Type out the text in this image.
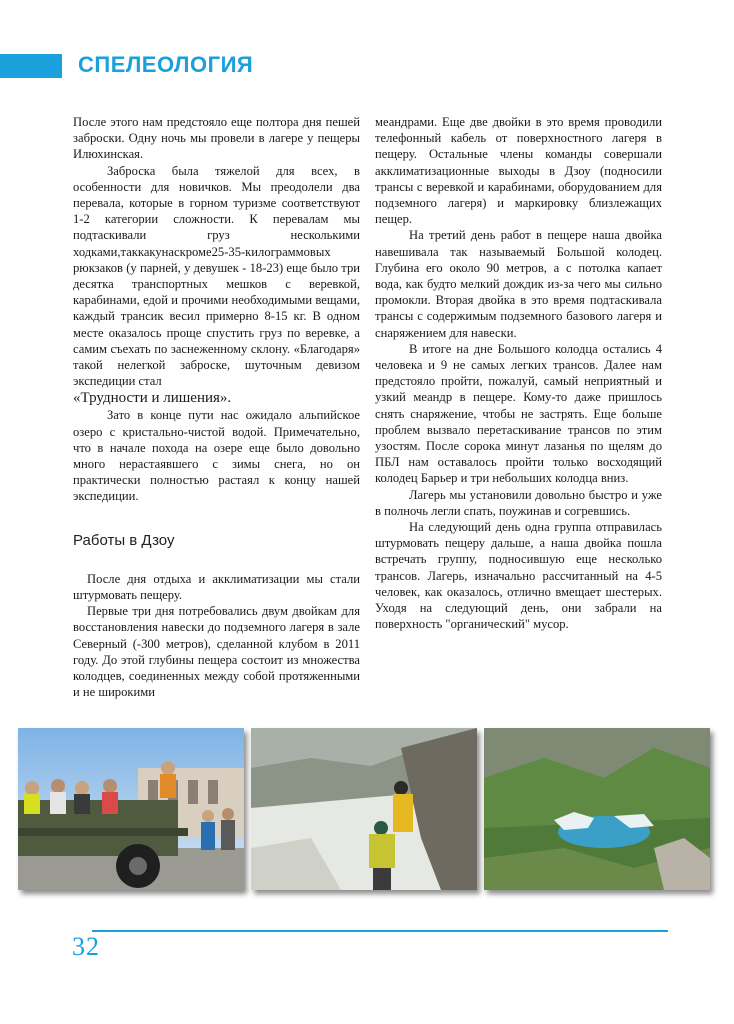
СПЕЛЕОЛОГИЯ

После этого нам предстояло еще полтора дня пешей заброски. Одну ночь мы провели в лагере у пещеры Илюхинская.

Заброска была тяжелой для всех, в особенности для новичков. Мы преодолели два перевала, которые в горном туризме соответствуют 1-2 категории сложности. К перевалам мы подтаскивали груз несколькими ходками,таккакунаскроме25-35-килограммовых рюкзаков (у парней, у девушек - 18-23) еще было три десятка транспортных мешков с веревкой, карабинами, едой и прочими необходимыми вещами, каждый трансик весил примерно 8-15 кг. В одном месте оказалось проще спустить груз по веревке, а самим съехать по заснеженному склону. «Благодаря» такой нелегкой заброске, шуточным девизом экспедиции стал

«Трудности и лишения».

Зато в конце пути нас ожидало альпийское озеро с кристально-чистой водой. Примечательно, что в начале похода на озере еще было довольно много нерастаявшего с зимы снега, но он практически полностью растаял к концу нашей экспедиции.

Работы в Дзоу

После дня отдыха и акклиматизации мы стали штурмовать пещеру.

Первые три дня потребовались двум двойкам для восстановления навески до подземного лагеря в зале Северный (-300 метров), сделанной клубом в 2011 году. До этой глубины пещера состоит из множества колодцев, соединенных между собой протяженными и не широкими

меандрами. Еще две двойки в это время проводили телефонный кабель от поверхностного лагеря в пещеру. Остальные члены команды совершали акклиматизационные выходы в Дзоу (подносили трансы с веревкой и карабинами, оборудованием для подземного лагеря) и маркировку близлежащих пещер.

На третий день работ в пещере наша двойка навешивала так называемый Большой колодец. Глубина его около 90 метров, а с потолка капает вода, как будто мелкий дождик из-за чего мы сильно промокли. Вторая двойка в это время подтаскивала трансы с содержимым подземного базового лагеря и снаряжением для навески.

В итоге на дне Большого колодца остались 4 человека и 9 не самых легких трансов. Далее нам предстояло пройти, пожалуй, самый неприятный и узкий меандр в пещере. Кому-то даже пришлось снять снаряжение, чтобы не застрять. Еще больше проблем вызвало перетаскивание трансов по этим узостям. После сорока минут лазанья по щелям до ПБЛ нам оставалось пройти только восходящий колодец Барьер и три небольших колодца вниз.

Лагерь мы установили довольно быстро и уже в полночь легли спать, поужинав и согревшись.

На следующий день одна группа отправилась штурмовать пещеру дальше, а наша двойка пошла встречать группу, подносившую еще несколько трансов. Лагерь, изначально рассчитанный на 4-5 человек, как оказалось, отлично вмещает шестерых. Уходя на следующий день, они забрали на поверхность "органический" мусор.

32
